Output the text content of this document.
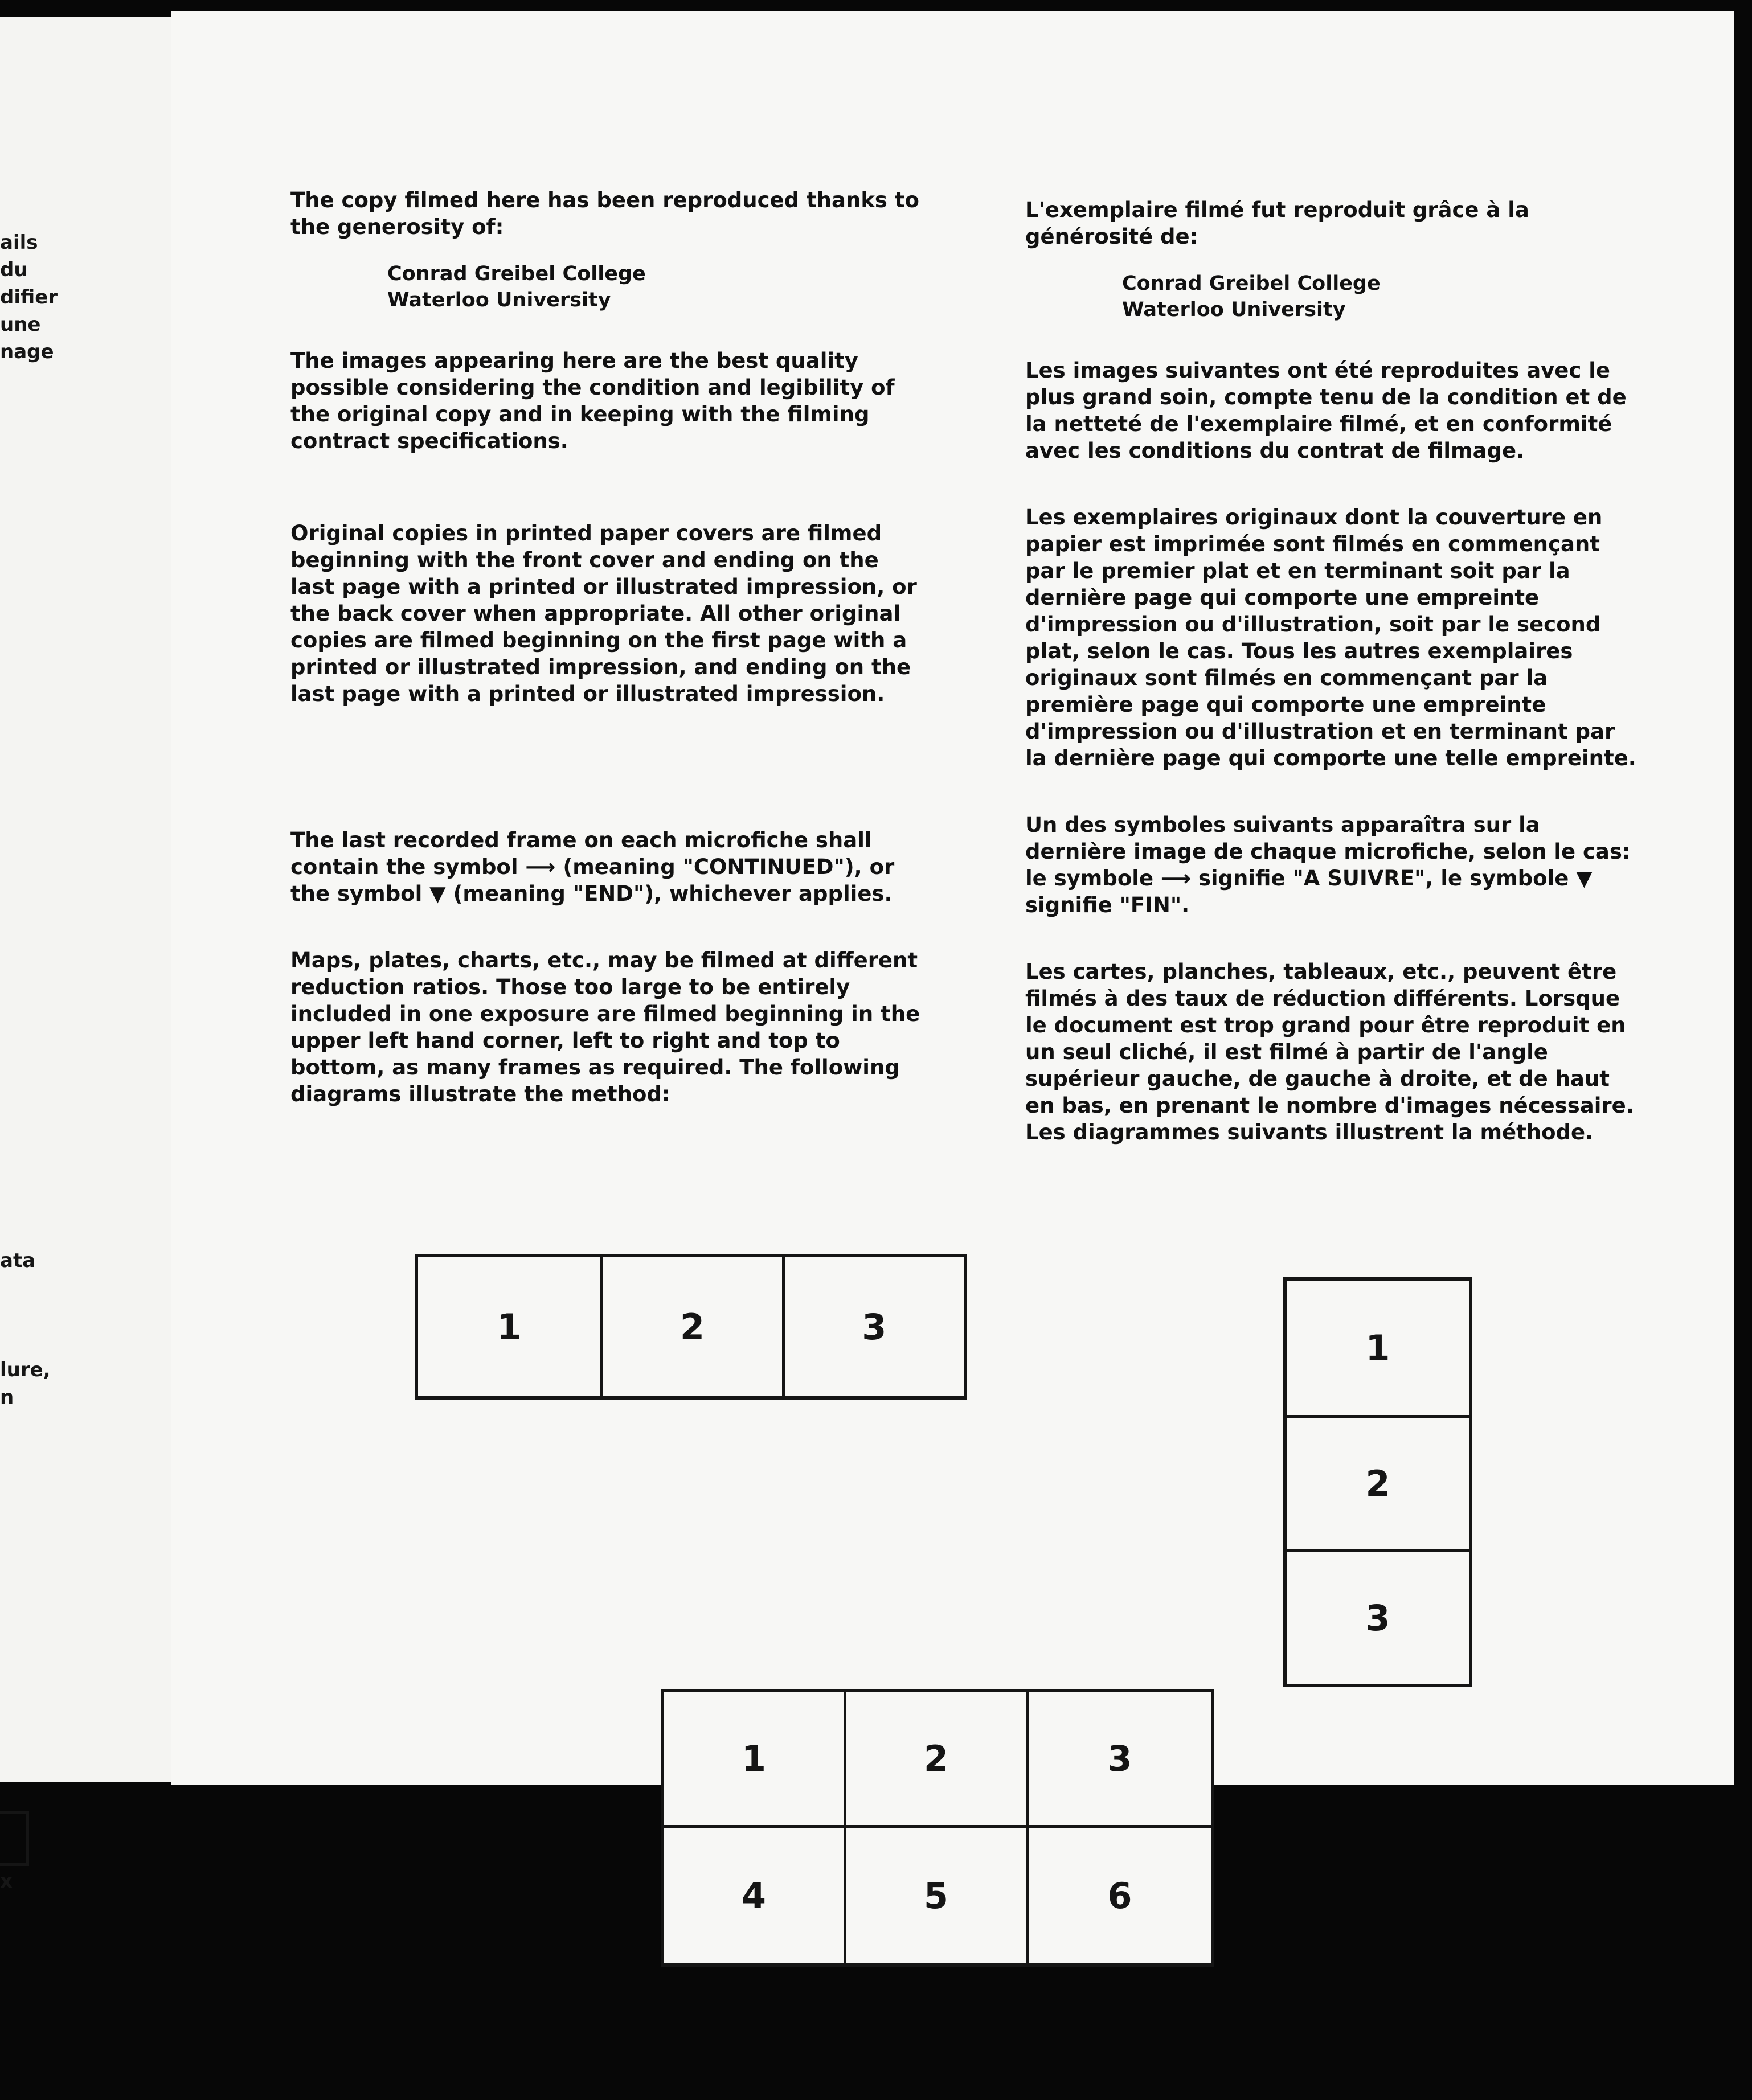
ails
du
difier
une
nage
ata
lure,
n
x

The copy filmed here has been reproduced thanks to the generosity of:

Conrad Greibel College

Waterloo University

The images appearing here are the best quality possible considering the condition and legibility of the original copy and in keeping with the filming contract specifications.

Original copies in printed paper covers are filmed beginning with the front cover and ending on the last page with a printed or illustrated impression, or the back cover when appropriate. All other original copies are filmed beginning on the first page with a printed or illustrated impression, and ending on the last page with a printed or illustrated impression.

The last recorded frame on each microfiche shall contain the symbol ⟶ (meaning "CONTINUED"), or the symbol ▼ (meaning "END"), whichever applies.

Maps, plates, charts, etc., may be filmed at different reduction ratios. Those too large to be entirely included in one exposure are filmed beginning in the upper left hand corner, left to right and top to bottom, as many frames as required. The following diagrams illustrate the method:

L'exemplaire filmé fut reproduit grâce à la générosité de:

Conrad Greibel College

Waterloo University

Les images suivantes ont été reproduites avec le plus grand soin, compte tenu de la condition et de la netteté de l'exemplaire filmé, et en conformité avec les conditions du contrat de filmage.

Les exemplaires originaux dont la couverture en papier est imprimée sont filmés en commençant par le premier plat et en terminant soit par la dernière page qui comporte une empreinte d'impression ou d'illustration, soit par le second plat, selon le cas. Tous les autres exemplaires originaux sont filmés en commençant par la première page qui comporte une empreinte d'impression ou d'illustration et en terminant par la dernière page qui comporte une telle empreinte.

Un des symboles suivants apparaîtra sur la dernière image de chaque microfiche, selon le cas: le symbole ⟶ signifie "A SUIVRE", le symbole ▼ signifie "FIN".

Les cartes, planches, tableaux, etc., peuvent être filmés à des taux de réduction différents. Lorsque le document est trop grand pour être reproduit en un seul cliché, il est filmé à partir de l'angle supérieur gauche, de gauche à droite, et de haut en bas, en prenant le nombre d'images nécessaire. Les diagrammes suivants illustrent la méthode.

1	2	3
1
2
3
1	2	3
4	5	6
